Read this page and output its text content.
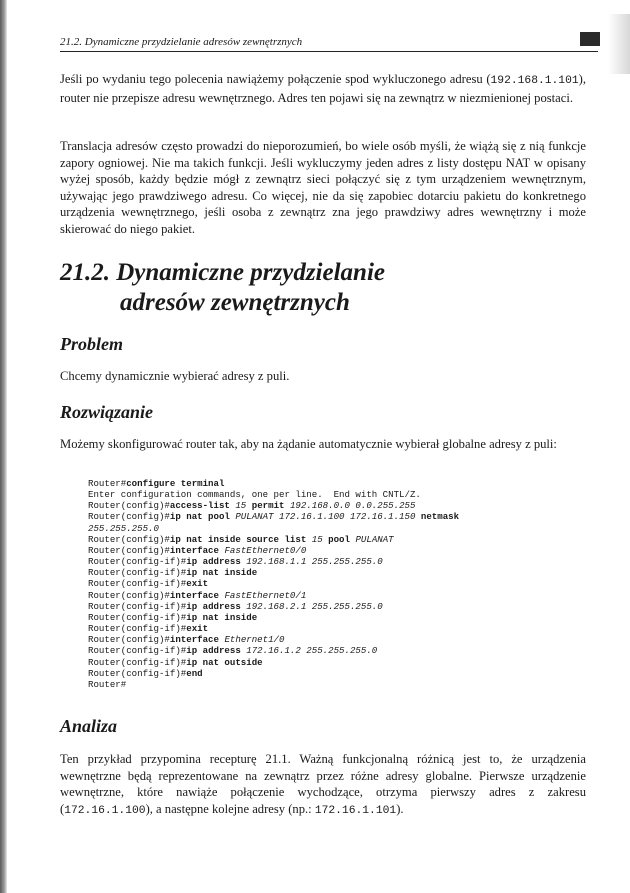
21.2. Dynamiczne przydzielanie adresów zewnętrznych

Jeśli po wydaniu tego polecenia nawiążemy połączenie spod wykluczonego adresu (192.168.1.101), router nie przepisze adresu wewnętrznego. Adres ten pojawi się na zewnątrz w niezmienionej postaci.

Translacja adresów często prowadzi do nieporozumień, bo wiele osób myśli, że wiążą się z nią funkcje zapory ogniowej. Nie ma takich funkcji. Jeśli wykluczymy jeden adres z listy dostępu NAT w opisany wyżej sposób, każdy będzie mógł z zewnątrz sieci połączyć się z tym urządzeniem wewnętrznym, używając jego prawdziwego adresu. Co więcej, nie da się zapobiec dotarciu pakietu do konkretnego urządzenia wewnętrznego, jeśli osoba z zewnątrz zna jego prawdziwy adres wewnętrzny i może skierować do niego pakiet.

21.2. Dynamiczne przydzielanie
adresów zewnętrznych
Problem

Chcemy dynamicznie wybierać adresy z puli.

Rozwiązanie

Możemy skonfigurować router tak, aby na żądanie automatycznie wybierał globalne adresy z puli:

Router#configure terminal
Enter configuration commands, one per line.  End with CNTL/Z.
Router(config)#access-list 15 permit 192.168.0.0 0.0.255.255
Router(config)#ip nat pool PULANAT 172.16.1.100 172.16.1.150 netmask
255.255.255.0
Router(config)#ip nat inside source list 15 pool PULANAT
Router(config)#interface FastEthernet0/0
Router(config-if)#ip address 192.168.1.1 255.255.255.0
Router(config-if)#ip nat inside
Router(config-if)#exit
Router(config)#interface FastEthernet0/1
Router(config-if)#ip address 192.168.2.1 255.255.255.0
Router(config-if)#ip nat inside
Router(config-if)#exit
Router(config)#interface Ethernet1/0
Router(config-if)#ip address 172.16.1.2 255.255.255.0
Router(config-if)#ip nat outside
Router(config-if)#end
Router#

Analiza

Ten przykład przypomina recepturę 21.1. Ważną funkcjonalną różnicą jest to, że urządzenia wewnętrzne będą reprezentowane na zewnątrz przez różne adresy globalne. Pierwsze urządzenie wewnętrzne, które nawiąże połączenie wychodzące, otrzyma pierwszy adres z zakresu (172.16.1.100), a następne kolejne adresy (np.: 172.16.1.101).
